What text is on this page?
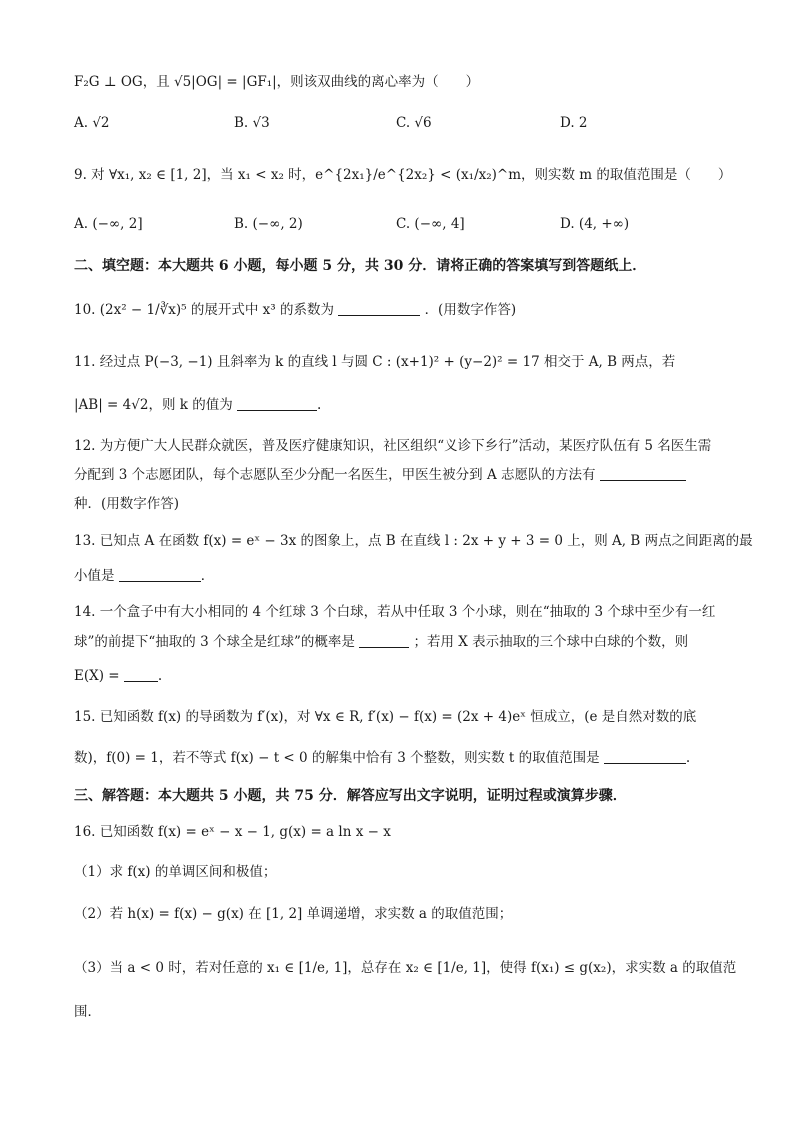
F₂G ⊥ OG，且 √5|OG| = |GF₁|，则该双曲线的离心率为（　　）
A. √2	B. √3	C. √6	D. 2
9. 对 ∀x₁, x₂ ∈ [1, 2]，当 x₁ < x₂ 时，e^{2x₁}/e^{2x₂} < (x₁/x₂)^m，则实数 m 的取值范围是（　　）
A. (−∞, 2]	B. (−∞, 2)	C. (−∞, 4]	D. (4, +∞)
二、填空题：本大题共 6 小题，每小题 5 分，共 30 分．请将正确的答案填写到答题纸上．
10. (2x² − 1/∛x)⁵ 的展开式中 x³ 的系数为	．(用数字作答)
11. 经过点 P(−3, −1) 且斜率为 k 的直线 l 与圆 C : (x+1)² + (y−2)² = 17 相交于 A, B 两点，若
|AB| = 4√2，则 k 的值为	.
12. 为方便广大人民群众就医，普及医疗健康知识，社区组织“义诊下乡行”活动，某医疗队伍有 5 名医生需
分配到 3 个志愿团队，每个志愿队至少分配一名医生，甲医生被分到 A 志愿队的方法有
种．(用数字作答)
13. 已知点 A 在函数 f(x) = eˣ − 3x 的图象上，点 B 在直线 l : 2x + y + 3 = 0 上，则 A, B 两点之间距离的最
小值是	．
14. 一个盒子中有大小相同的 4 个红球 3 个白球，若从中任取 3 个小球，则在“抽取的 3 个球中至少有一红
球”的前提下“抽取的 3 个球全是红球”的概率是	；若用 X 表示抽取的三个球中白球的个数，则
E(X) =	.
15. 已知函数 f(x) 的导函数为 f′(x)，对 ∀x ∈ R, f′(x) − f(x) = (2x + 4)eˣ 恒成立，(e 是自然对数的底
数)，f(0) = 1，若不等式 f(x) − t < 0 的解集中恰有 3 个整数，则实数 t 的取值范围是	.
三、解答题：本大题共 5 小题，共 75 分．解答应写出文字说明，证明过程或演算步骤．
16. 已知函数 f(x) = eˣ − x − 1, g(x) = a ln x − x
（1）求 f(x) 的单调区间和极值；
（2）若 h(x) = f(x) − g(x) 在 [1, 2] 单调递增，求实数 a 的取值范围；
（3）当 a < 0 时，若对任意的 x₁ ∈ [1/e, 1]，总存在 x₂ ∈ [1/e, 1]，使得 f(x₁) ≤ g(x₂)，求实数 a 的取值范
围．
